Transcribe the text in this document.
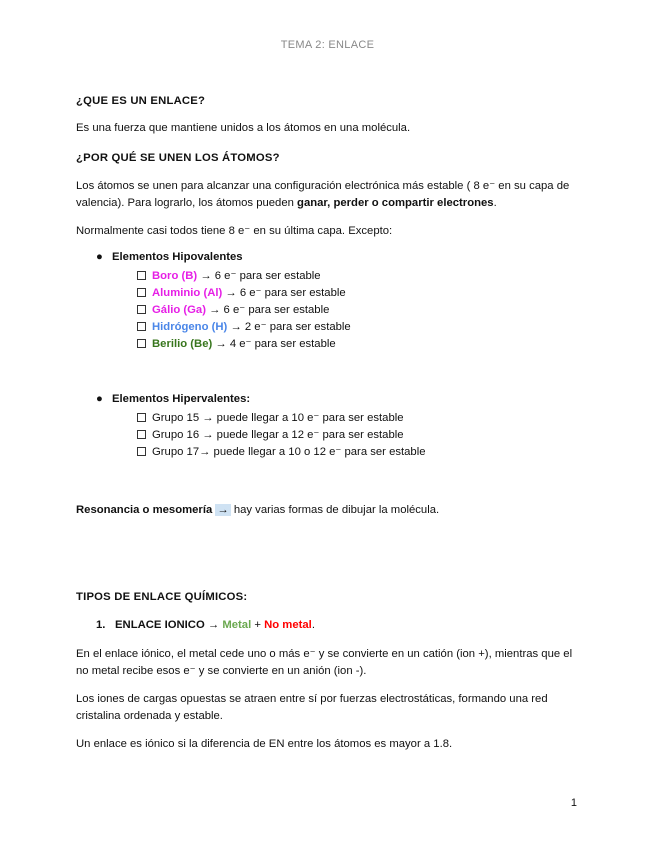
TEMA 2: ENLACE
¿QUE ES UN ENLACE?
Es una fuerza que mantiene unidos a los átomos en una molécula.
¿POR QUÉ SE UNEN LOS ÁTOMOS?
Los átomos se unen para alcanzar una configuración electrónica más estable ( 8 e⁻ en su capa de valencia). Para lograrlo, los átomos pueden ganar, perder o compartir electrones.
Normalmente casi todos tiene 8 e⁻ en su última capa. Excepto:
● Elementos Hipovalentes
Boro (B) → 6 e⁻ para ser estable
Aluminio (Al) → 6 e⁻ para ser estable
Gálio (Ga) → 6 e⁻ para ser estable
Hidrógeno (H) → 2 e⁻ para ser estable
Berilio (Be) → 4 e⁻ para ser estable
● Elementos Hipervalentes:
Grupo 15 → puede llegar a 10 e⁻ para ser estable
Grupo 16 → puede llegar a 12 e⁻ para ser estable
Grupo 17→ puede llegar a 10 o 12 e⁻ para ser estable
Resonancia o mesomería → hay varias formas de dibujar la molécula.
TIPOS DE ENLACE QUÍMICOS:
1. ENLACE IONICO → Metal + No metal.
En el enlace iónico, el metal cede uno o más e⁻ y se convierte en un catión (ion +), mientras que el no metal recibe esos e⁻ y se convierte en un anión (ion -).
Los iones de cargas opuestas se atraen entre sí por fuerzas electrostáticas, formando una red cristalina ordenada y estable.
Un enlace es iónico si la diferencia de EN entre los átomos es mayor a 1.8.
1
